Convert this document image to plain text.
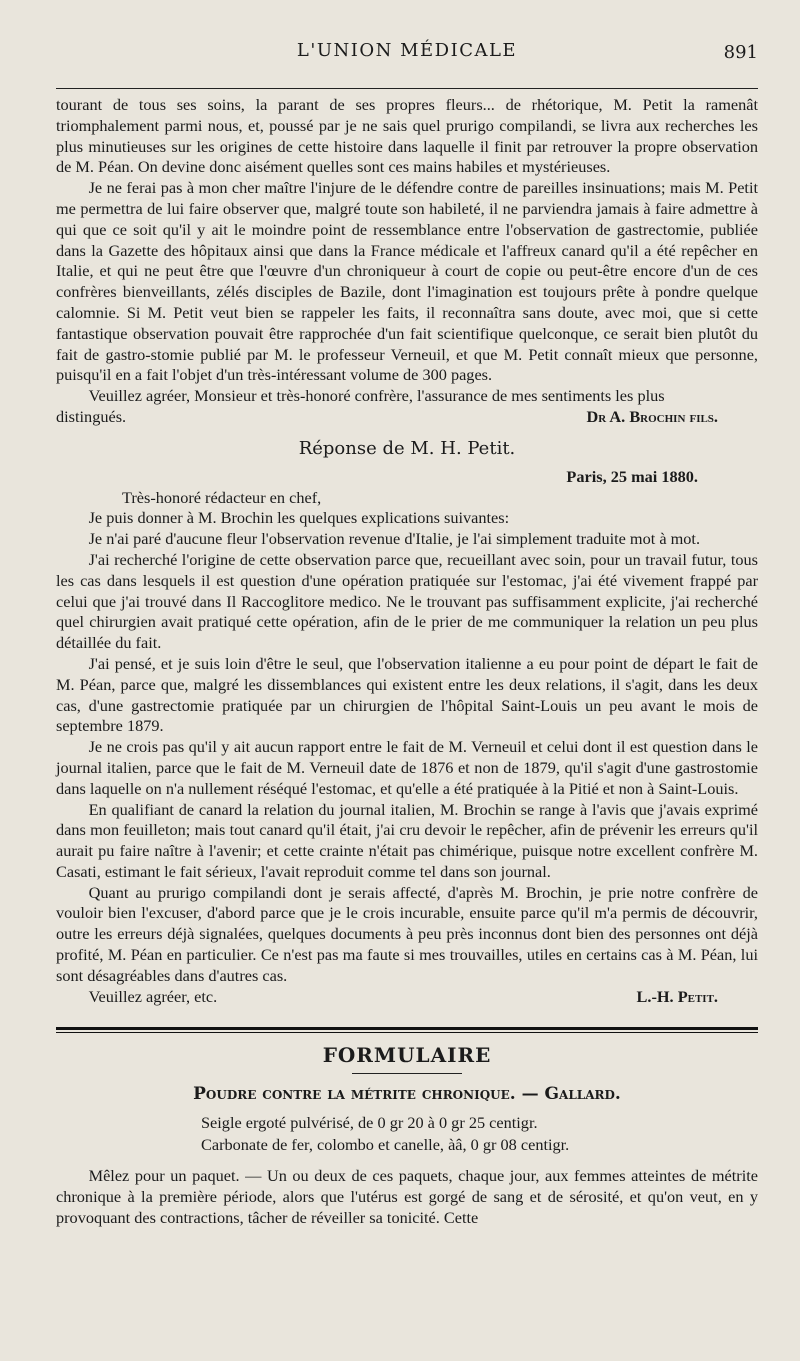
L'UNION MÉDICALE	891

tourant de tous ses soins, la parant de ses propres fleurs... de rhétorique, M. Petit la ramenât triomphalement parmi nous, et, poussé par je ne sais quel prurigo compilandi, se livra aux recherches les plus minutieuses sur les origines de cette histoire dans laquelle il finit par retrouver la propre observation de M. Péan. On devine donc aisément quelles sont ces mains habiles et mystérieuses.

Je ne ferai pas à mon cher maître l'injure de le défendre contre de pareilles insinuations; mais M. Petit me permettra de lui faire observer que, malgré toute son habileté, il ne parviendra jamais à faire admettre à qui que ce soit qu'il y ait le moindre point de ressemblance entre l'observation de gastrectomie, publiée dans la Gazette des hôpitaux ainsi que dans la France médicale et l'affreux canard qu'il a été repêcher en Italie, et qui ne peut être que l'œuvre d'un chroniqueur à court de copie ou peut-être encore d'un de ces confrères bienveillants, zélés disciples de Bazile, dont l'imagination est toujours prête à pondre quelque calomnie. Si M. Petit veut bien se rappeler les faits, il reconnaîtra sans doute, avec moi, que si cette fantastique observation pouvait être rapprochée d'un fait scientifique quelconque, ce serait bien plutôt du fait de gastro-stomie publié par M. le professeur Verneuil, et que M. Petit connaît mieux que personne, puisqu'il en a fait l'objet d'un très-intéressant volume de 300 pages.

Veuillez agréer, Monsieur et très-honoré confrère, l'assurance de mes sentiments les plus

distingués.	Dr A. Brochin fils.
Réponse de M. H. Petit.

Paris, 25 mai 1880.

Très-honoré rédacteur en chef,

Je puis donner à M. Brochin les quelques explications suivantes:

Je n'ai paré d'aucune fleur l'observation revenue d'Italie, je l'ai simplement traduite mot à mot.

J'ai recherché l'origine de cette observation parce que, recueillant avec soin, pour un travail futur, tous les cas dans lesquels il est question d'une opération pratiquée sur l'estomac, j'ai été vivement frappé par celui que j'ai trouvé dans Il Raccoglitore medico. Ne le trouvant pas suffisamment explicite, j'ai recherché quel chirurgien avait pratiqué cette opération, afin de le prier de me communiquer la relation un peu plus détaillée du fait.

J'ai pensé, et je suis loin d'être le seul, que l'observation italienne a eu pour point de départ le fait de M. Péan, parce que, malgré les dissemblances qui existent entre les deux relations, il s'agit, dans les deux cas, d'une gastrectomie pratiquée par un chirurgien de l'hôpital Saint-Louis un peu avant le mois de septembre 1879.

Je ne crois pas qu'il y ait aucun rapport entre le fait de M. Verneuil et celui dont il est question dans le journal italien, parce que le fait de M. Verneuil date de 1876 et non de 1879, qu'il s'agit d'une gastrostomie dans laquelle on n'a nullement réséqué l'estomac, et qu'elle a été pratiquée à la Pitié et non à Saint-Louis.

En qualifiant de canard la relation du journal italien, M. Brochin se range à l'avis que j'avais exprimé dans mon feuilleton; mais tout canard qu'il était, j'ai cru devoir le repêcher, afin de prévenir les erreurs qu'il aurait pu faire naître à l'avenir; et cette crainte n'était pas chimérique, puisque notre excellent confrère M. Casati, estimant le fait sérieux, l'avait reproduit comme tel dans son journal.

Quant au prurigo compilandi dont je serais affecté, d'après M. Brochin, je prie notre confrère de vouloir bien l'excuser, d'abord parce que je le crois incurable, ensuite parce qu'il m'a permis de découvrir, outre les erreurs déjà signalées, quelques documents à peu près inconnus dont bien des personnes ont déjà profité, M. Péan en particulier. Ce n'est pas ma faute si mes trouvailles, utiles en certains cas à M. Péan, lui sont désagréables dans d'autres cas.

Veuillez agréer, etc.	L.-H. Petit.
FORMULAIRE
Poudre contre la métrite chronique. — Gallard.
Seigle ergoté pulvérisé, de 0 gr 20 à 0 gr 25 centigr.
Carbonate de fer, colombo et canelle, àâ, 0 gr 08 centigr.

Mêlez pour un paquet. — Un ou deux de ces paquets, chaque jour, aux femmes atteintes de métrite chronique à la première période, alors que l'utérus est gorgé de sang et de sérosité, et qu'on veut, en y provoquant des contractions, tâcher de réveiller sa tonicité. Cette
